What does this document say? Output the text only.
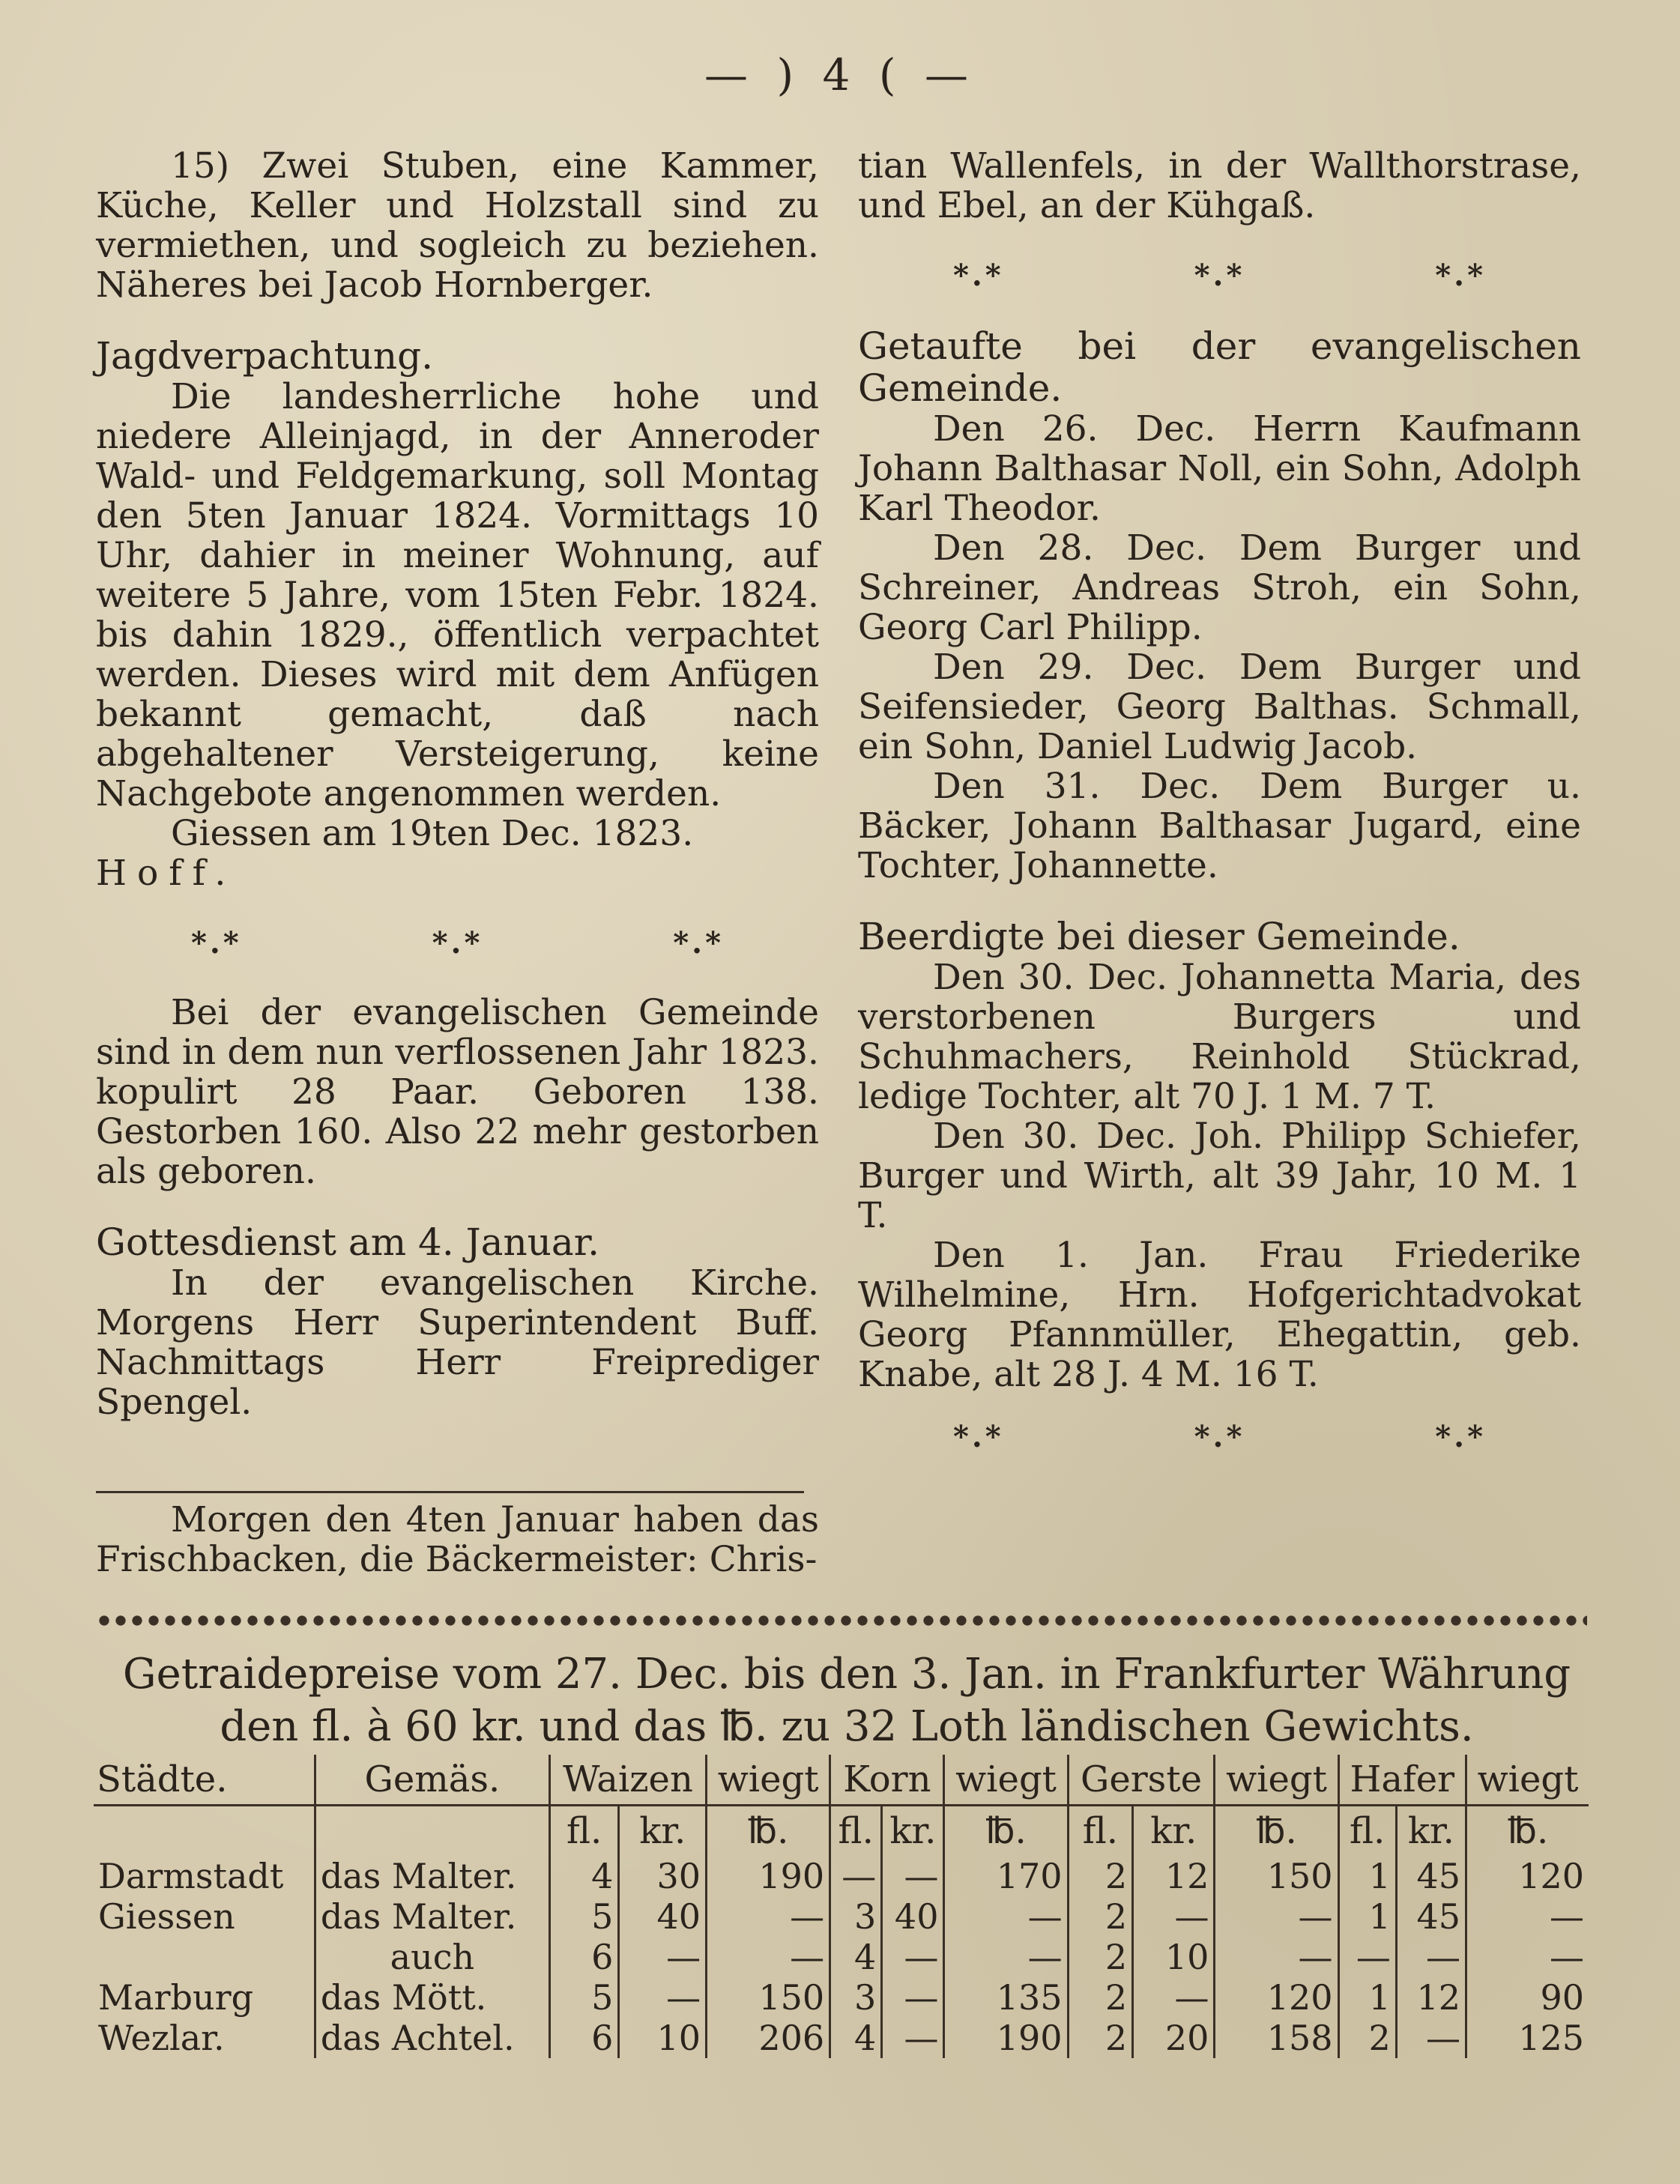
— ) 4 ( —

15) Zwei Stuben, eine Kammer, Küche, Keller und Holzstall sind zu vermiethen, und sogleich zu beziehen. Näheres bei Jacob Hornberger.

Jagdverpachtung.

Die landesherrliche hohe und niedere Alleinjagd, in der Anneroder Wald- und Feldgemarkung, soll Montag den 5ten Januar 1824. Vormittags 10 Uhr, dahier in meiner Wohnung, auf weitere 5 Jahre, vom 15ten Febr. 1824. bis dahin 1829., öffentlich verpachtet werden. Dieses wird mit dem Anfügen bekannt gemacht, daß nach abgehaltener Versteigerung, keine Nachgebote angenommen werden.

Giessen am 19ten Dec. 1823.

Hoff.

*.*	*.*	*.*

Bei der evangelischen Gemeinde sind in dem nun verflossenen Jahr 1823. kopulirt 28 Paar. Geboren 138. Gestorben 160. Also 22 mehr gestorben als geboren.

Gottesdienst am 4. Januar.

In der evangelischen Kirche. Morgens Herr Superintendent Buff. Nachmittags Herr Freiprediger Spengel.

Morgen den 4ten Januar haben das Frischbacken, die Bäckermeister: Chris-

tian Wallenfels, in der Wallthorstrase, und Ebel, an der Kühgaß.

*.*	*.*	*.*

Getaufte bei der evangelischen Gemeinde.

Den 26. Dec. Herrn Kaufmann Johann Balthasar Noll, ein Sohn, Adolph Karl Theodor.

Den 28. Dec. Dem Burger und Schreiner, Andreas Stroh, ein Sohn, Georg Carl Philipp.

Den 29. Dec. Dem Burger und Seifensieder, Georg Balthas. Schmall, ein Sohn, Daniel Ludwig Jacob.

Den 31. Dec. Dem Burger u. Bäcker, Johann Balthasar Jugard, eine Tochter, Johannette.

Beerdigte bei dieser Gemeinde.

Den 30. Dec. Johannetta Maria, des verstorbenen Burgers und Schuhmachers, Reinhold Stückrad, ledige Tochter, alt 70 J. 1 M. 7 T.

Den 30. Dec. Joh. Philipp Schiefer, Burger und Wirth, alt 39 Jahr, 10 M. 1 T.

Den 1. Jan. Frau Friederike Wilhelmine, Hrn. Hofgerichtadvokat Georg Pfannmüller, Ehegattin, geb. Knabe, alt 28 J. 4 M. 16 T.

*.*	*.*	*.*
Getraidepreise vom 27. Dec. bis den 3. Jan. in Frankfurter Währung
den fl. à 60 kr. und das ℔. zu 32 Loth ländischen Gewichts.
Städte.	Gemäs.	Waizen		wiegt	Korn		wiegt	Gerste		wiegt	Hafer		wiegt
		fl.	kr.	℔.	fl.	kr.	℔.	fl.	kr.	℔.	fl.	kr.	℔.
Darmstadt	das Malter.	4	30	190	—	—	170	2	12	150	1	45	120
Giessen	das Malter.	5	40	—	3	40	—	2	—	—	1	45	—
	auch	6	—	—	4	—	—	2	10	—	—	—	—
Marburg	das Mött.	5	—	150	3	—	135	2	—	120	1	12	90
Wezlar.	das Achtel.	6	10	206	4	—	190	2	20	158	2	—	125
